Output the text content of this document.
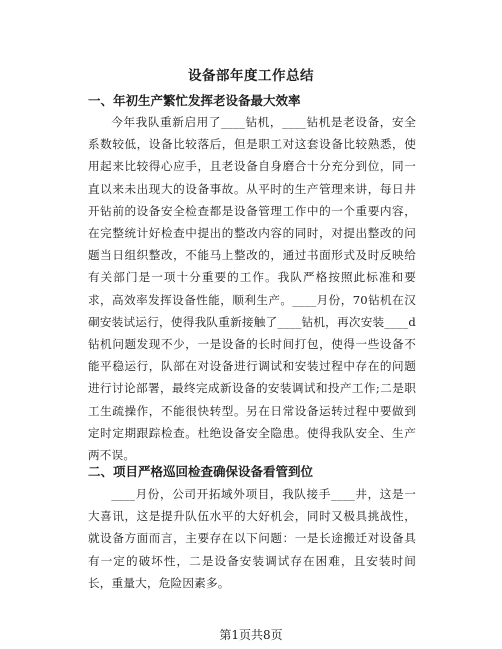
设备部年度工作总结
一、年初生产繁忙发挥老设备最大效率

今年我队重新启用了____钻机，____钻机是老设备，安全系数较低，设备比较落后，但是职工对这套设备比较熟悉，使用起来比较得心应手，且老设备自身磨合十分充分到位，同一直以来未出现大的设备事故。从平时的生产管理来讲，每日井开钻前的设备安全检查都是设备管理工作中的一个重要内容，在完整统计好检查中提出的整改内容的同时，对提出整改的问题当日组织整改，不能马上整改的，通过书面形式及时反映给有关部门是一项十分重要的工作。我队严格按照此标准和要求，高效率发挥设备性能，顺利生产。____月份，70钻机在汉硐安装试运行，使得我队重新接触了____钻机，再次安装____d钻机问题发现不少，一是设备的长时间打包，使得一些设备不能平稳运行，队部在对设备进行调试和安装过程中存在的问题进行讨论部署，最终完成新设备的安装调试和投产工作;二是职工生疏操作，不能很快转型。另在日常设备运转过程中要做到定时定期跟踪检查。杜绝设备安全隐患。使得我队安全、生产两不误。

二、项目严格巡回检查确保设备看管到位

____月份，公司开拓域外项目，我队接手____井，这是一大喜讯，这是提升队伍水平的大好机会，同时又极具挑战性，就设备方面而言，主要存在以下问题：一是长途搬迁对设备具有一定的破坏性，二是设备安装调试存在困难，且安装时间长，重量大，危险因素多。

第1页共8页
